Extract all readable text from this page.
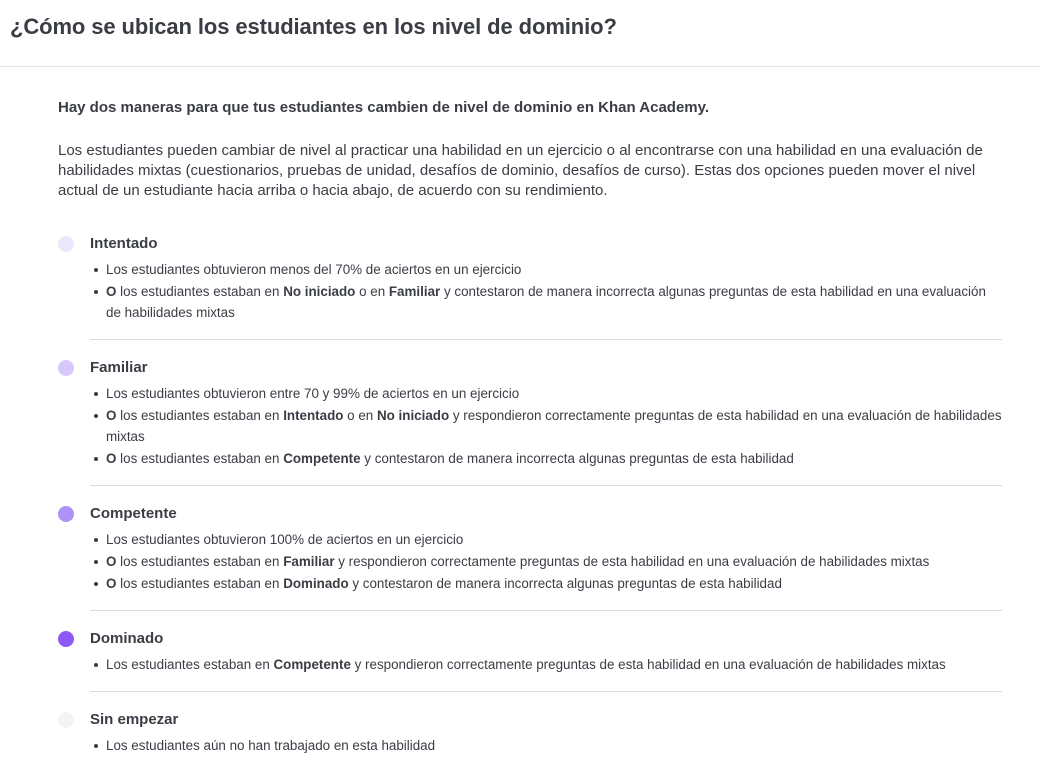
¿Cómo se ubican los estudiantes en los nivel de dominio?

Hay dos maneras para que tus estudiantes cambien de nivel de dominio en Khan Academy.

Los estudiantes pueden cambiar de nivel al practicar una habilidad en un ejercicio o al encontrarse con una habilidad en una evaluación de habilidades mixtas (cuestionarios, pruebas de unidad, desafíos de dominio, desafíos de curso). Estas dos opciones pueden mover el nivel actual de un estudiante hacia arriba o hacia abajo, de acuerdo con su rendimiento.

Intentado
Los estudiantes obtuvieron menos del 70% de aciertos en un ejercicio
O los estudiantes estaban en No iniciado o en Familiar y contestaron de manera incorrecta algunas preguntas de esta habilidad en una evaluación de habilidades mixtas
Familiar
Los estudiantes obtuvieron entre 70 y 99% de aciertos en un ejercicio
O los estudiantes estaban en Intentado o en No iniciado y respondieron correctamente preguntas de esta habilidad en una evaluación de habilidades mixtas
O los estudiantes estaban en Competente y contestaron de manera incorrecta algunas preguntas de esta habilidad
Competente
Los estudiantes obtuvieron 100% de aciertos en un ejercicio
O los estudiantes estaban en Familiar y respondieron correctamente preguntas de esta habilidad en una evaluación de habilidades mixtas
O los estudiantes estaban en Dominado y contestaron de manera incorrecta algunas preguntas de esta habilidad
Dominado
Los estudiantes estaban en Competente y respondieron correctamente preguntas de esta habilidad en una evaluación de habilidades mixtas
Sin empezar
Los estudiantes aún no han trabajado en esta habilidad
